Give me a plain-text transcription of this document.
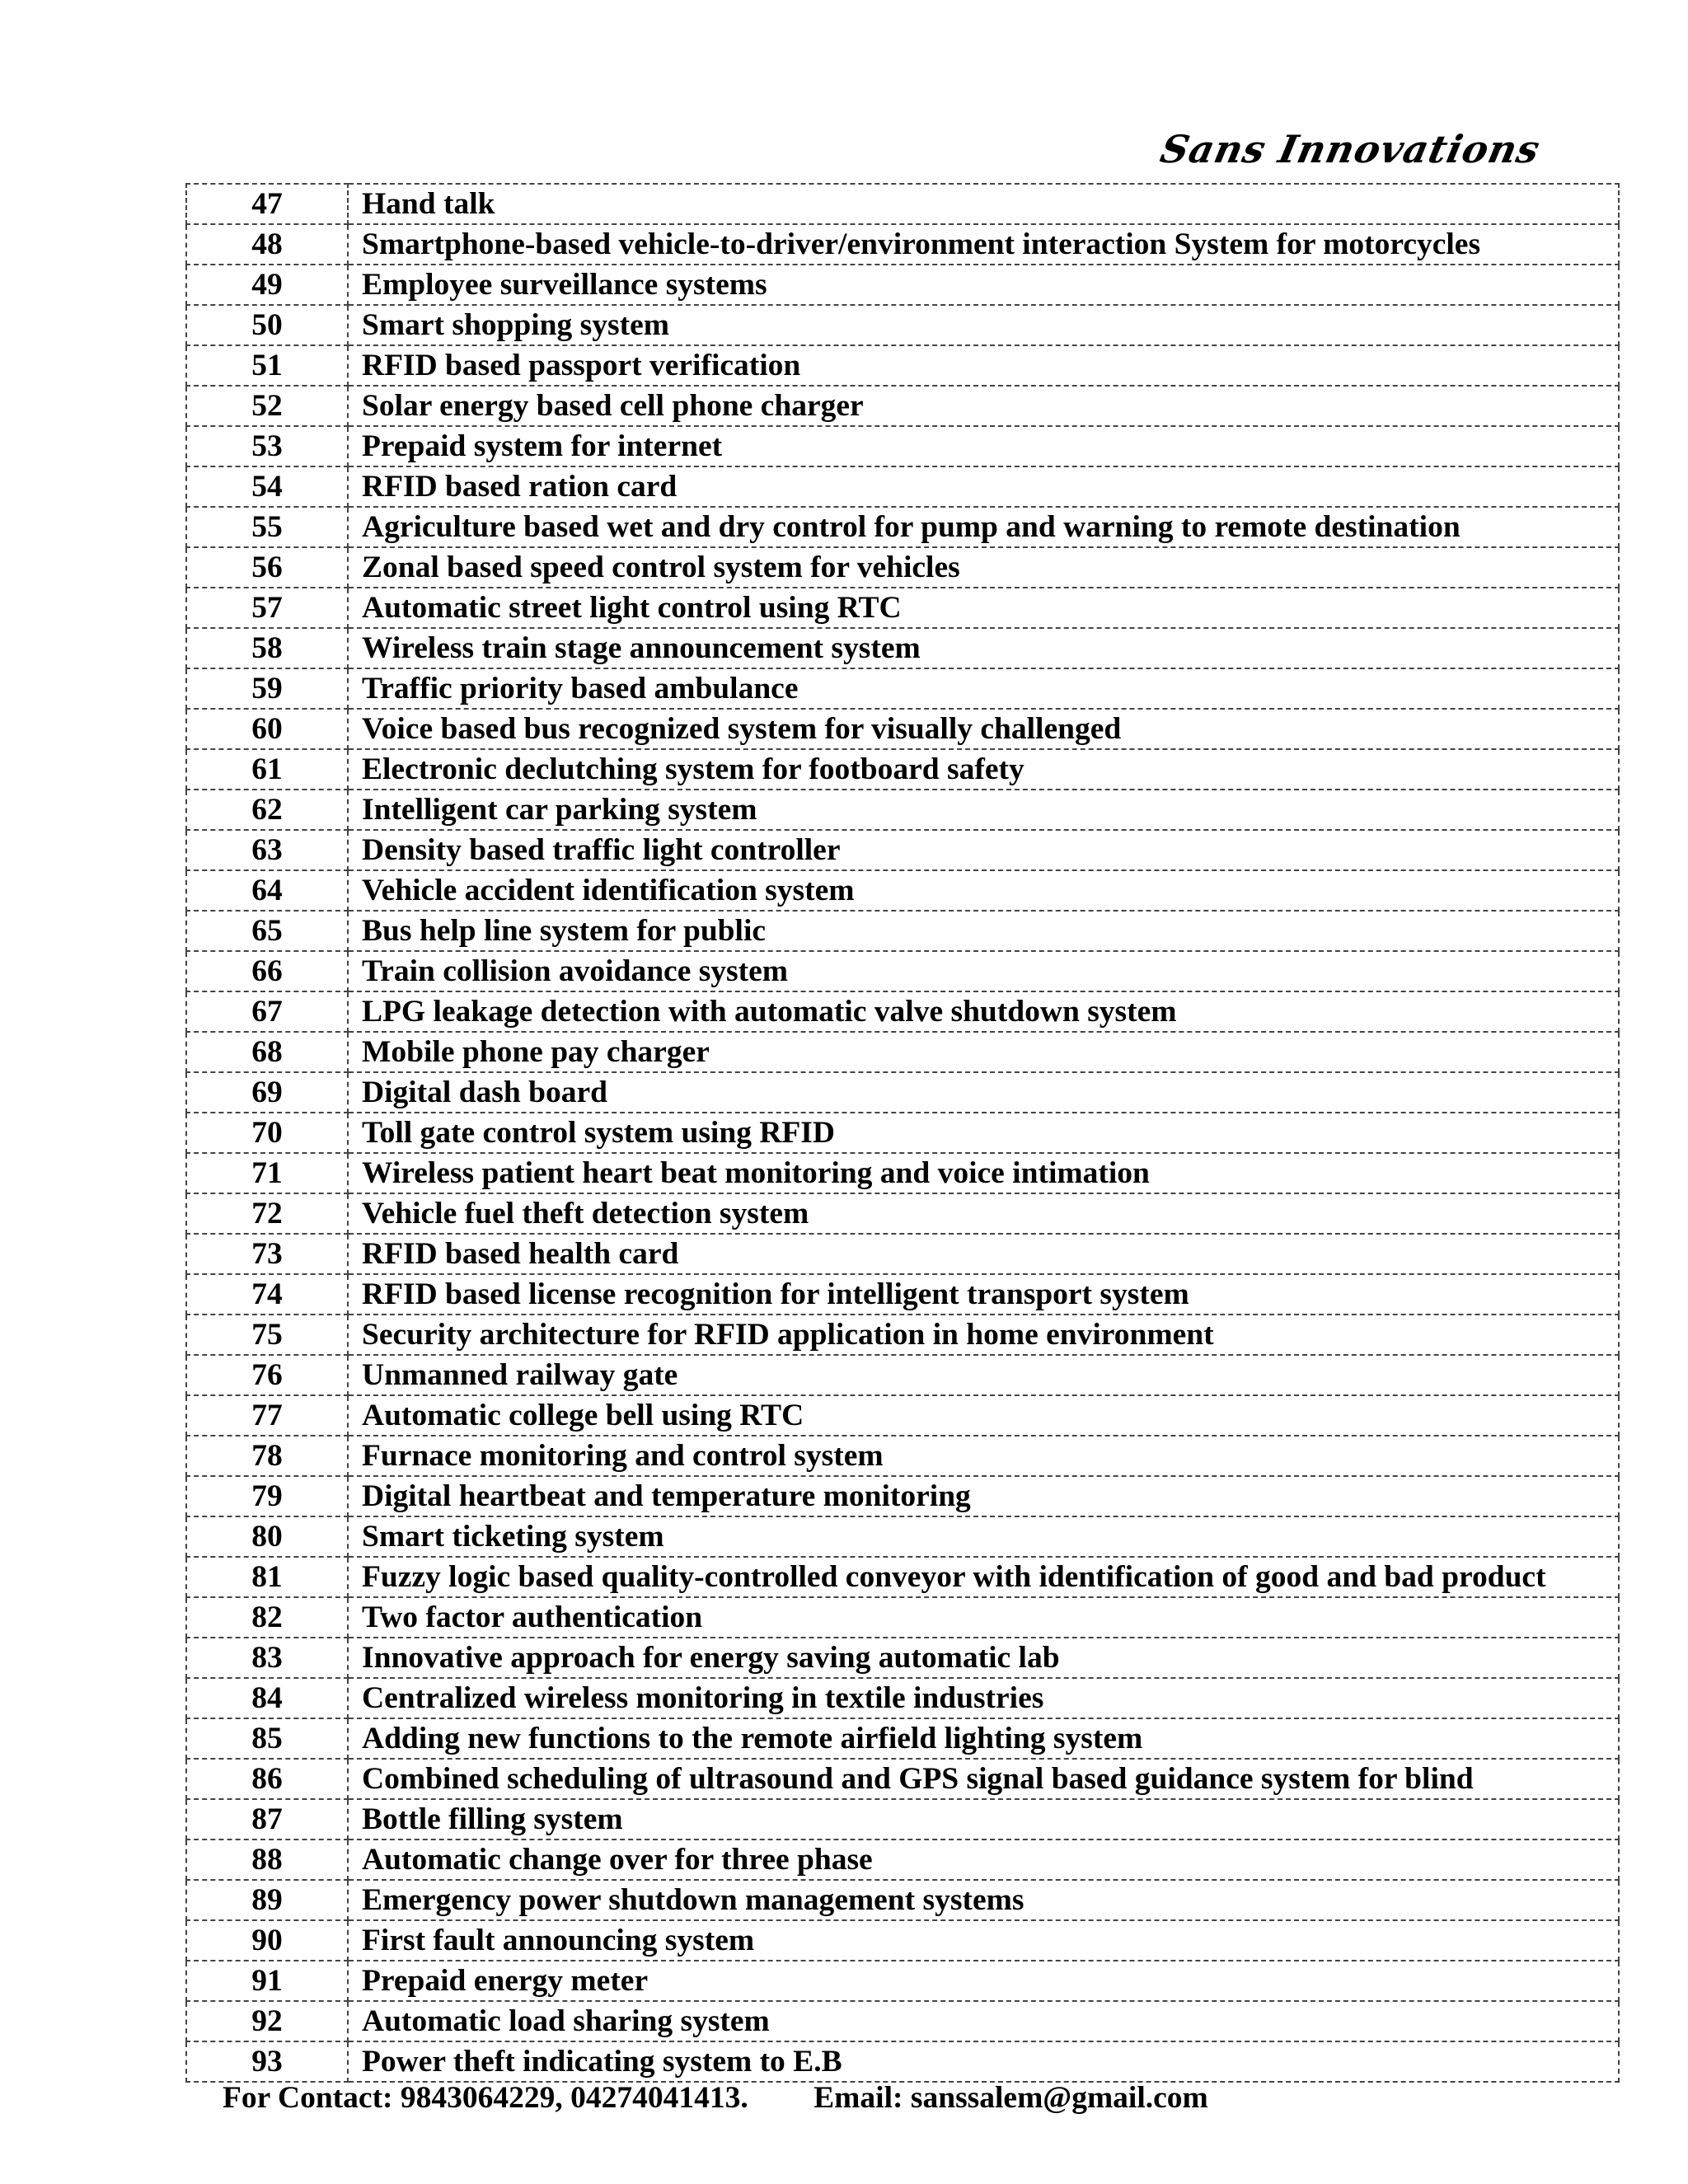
Sans Innovations
47	Hand talk
48	Smartphone-based vehicle-to-driver/environment interaction System for motorcycles
49	Employee surveillance systems
50	Smart shopping system
51	RFID based passport verification
52	Solar energy based cell phone charger
53	Prepaid system for internet
54	RFID based ration card
55	Agriculture based wet and dry control for pump and warning to remote destination
56	Zonal based speed control system for vehicles
57	Automatic street light control using RTC
58	Wireless train stage announcement system
59	Traffic priority based ambulance
60	Voice based bus recognized system for visually challenged
61	Electronic declutching system for footboard safety
62	Intelligent car parking system
63	Density based traffic light controller
64	Vehicle accident identification system
65	Bus help line system for public
66	Train collision avoidance system
67	LPG leakage detection with automatic valve shutdown system
68	Mobile phone pay charger
69	Digital dash board
70	Toll gate control system using RFID
71	Wireless patient heart beat monitoring and voice intimation
72	Vehicle fuel theft detection system
73	RFID based health card
74	RFID based license recognition for intelligent transport system
75	Security architecture for RFID application in home environment
76	Unmanned railway gate
77	Automatic college bell using RTC
78	Furnace monitoring and control system
79	Digital heartbeat and temperature monitoring
80	Smart ticketing system
81	Fuzzy logic based quality-controlled conveyor with identification of good and bad product
82	Two factor authentication
83	Innovative approach for energy saving automatic lab
84	Centralized wireless monitoring in textile industries
85	Adding new functions to the remote airfield lighting system
86	Combined scheduling of ultrasound and GPS signal based guidance system for blind
87	Bottle filling system
88	Automatic change over for three phase
89	Emergency power shutdown management systems
90	First fault announcing system
91	Prepaid energy meter
92	Automatic load sharing system
93	Power theft indicating system to E.B
For Contact: 9843064229, 04274041413. Email: sanssalem@gmail.com
